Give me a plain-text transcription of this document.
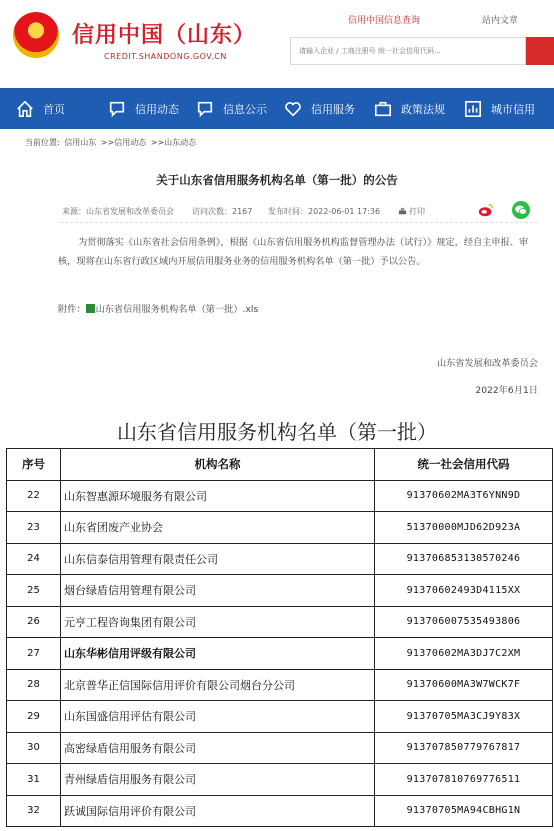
信用中国（山东）
CREDIT.SHANDONG.GOV.CN
信用中国信息查询	站内文章
请输入企业 / 工商注册号 统一社会信用代码...
首页	信用动态	信息公示	信用服务	政策法规	城市信用
当前位置: 信用山东 >>信用动态 >>山东动态
关于山东省信用服务机构名单（第一批）的公告
来源：山东省发展和改革委员会 访问次数：2167 发布时间：2022-06-01 17:36	打印
为贯彻落实《山东省社会信用条例》，根据《山东省信用服务机构监督管理办法（试行）》规定，经自主申报、审核，现将在山东省行政区域内开展信用服务业务的信用服务机构名单（第一批）予以公告。
附件： 山东省信用服务机构名单（第一批）.xls
山东省发展和改革委员会
2022年6月1日
山东省信用服务机构名单（第一批）
序号	机构名称	统一社会信用代码
22	山东智惠源环境服务有限公司	91370602MA3T6YNN9D
23	山东省团废产业协会	51370000MJD62D923A
24	山东信泰信用管理有限责任公司	913706853130570246
25	烟台绿盾信用管理有限公司	91370602493D4115XX
26	元亨工程咨询集团有限公司	913706007535493806
27	山东华彬信用评级有限公司	91370602MA3DJ7C2XM
28	北京普华正信国际信用评价有限公司烟台分公司	91370600MA3W7WCK7F
29	山东国盛信用评估有限公司	91370705MA3CJ9Y83X
30	高密绿盾信用服务有限公司	913707850779767817
31	青州绿盾信用服务有限公司	913707810769776511
32	跃诚国际信用评价有限公司	91370705MA94CBHG1N
